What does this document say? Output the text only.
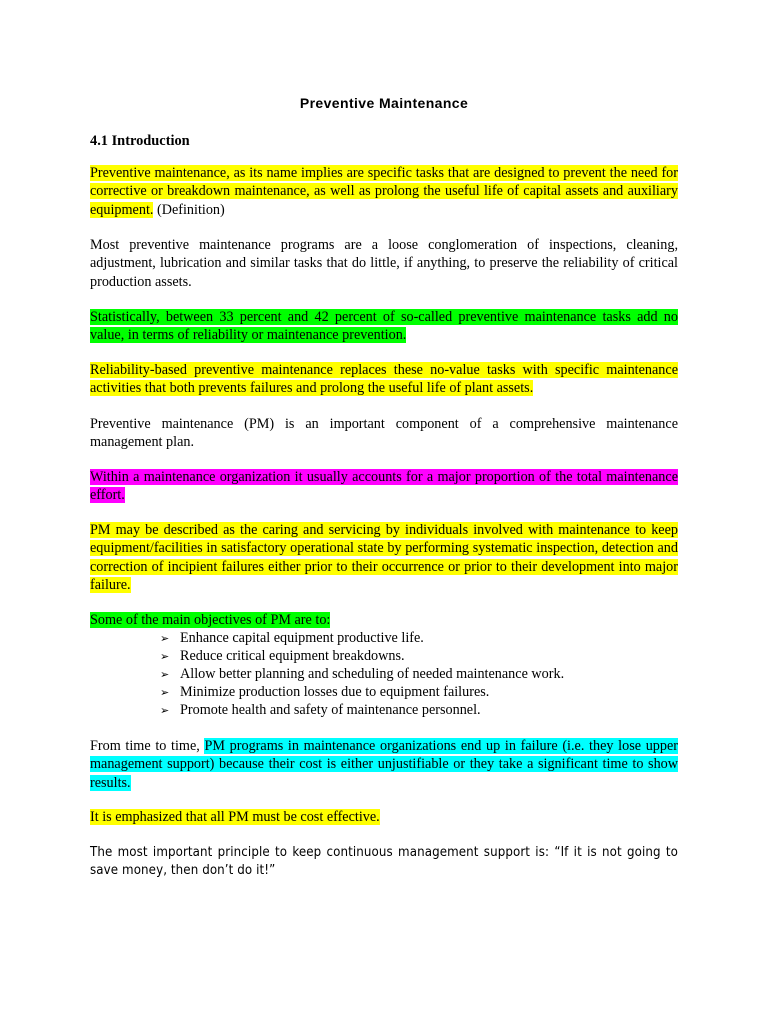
Preventive Maintenance
4.1 Introduction
Preventive maintenance, as its name implies are specific tasks that are designed to prevent the need for corrective or breakdown maintenance, as well as prolong the useful life of capital assets and auxiliary equipment. (Definition)
Most preventive maintenance programs are a loose conglomeration of inspections, cleaning, adjustment, lubrication and similar tasks that do little, if anything, to preserve the reliability of critical production assets.
Statistically, between 33 percent and 42 percent of so-called preventive maintenance tasks add no value, in terms of reliability or maintenance prevention.
Reliability-based preventive maintenance replaces these no-value tasks with specific maintenance activities that both prevents failures and prolong the useful life of plant assets.
Preventive maintenance (PM) is an important component of a comprehensive maintenance management plan.
Within a maintenance organization it usually accounts for a major proportion of the total maintenance effort.
PM may be described as the caring and servicing by individuals involved with maintenance to keep equipment/facilities in satisfactory operational state by performing systematic inspection, detection and correction of incipient failures either prior to their occurrence or prior to their development into major failure.
Some of the main objectives of PM are to:
➢ Enhance capital equipment productive life.
➢ Reduce critical equipment breakdowns.
➢ Allow better planning and scheduling of needed maintenance work.
➢ Minimize production losses due to equipment failures.
➢ Promote health and safety of maintenance personnel.
From time to time, PM programs in maintenance organizations end up in failure (i.e. they lose upper management support) because their cost is either unjustifiable or they take a significant time to show results.
It is emphasized that all PM must be cost effective.
The most important principle to keep continuous management support is: “If it is not going to save money, then don’t do it!”
